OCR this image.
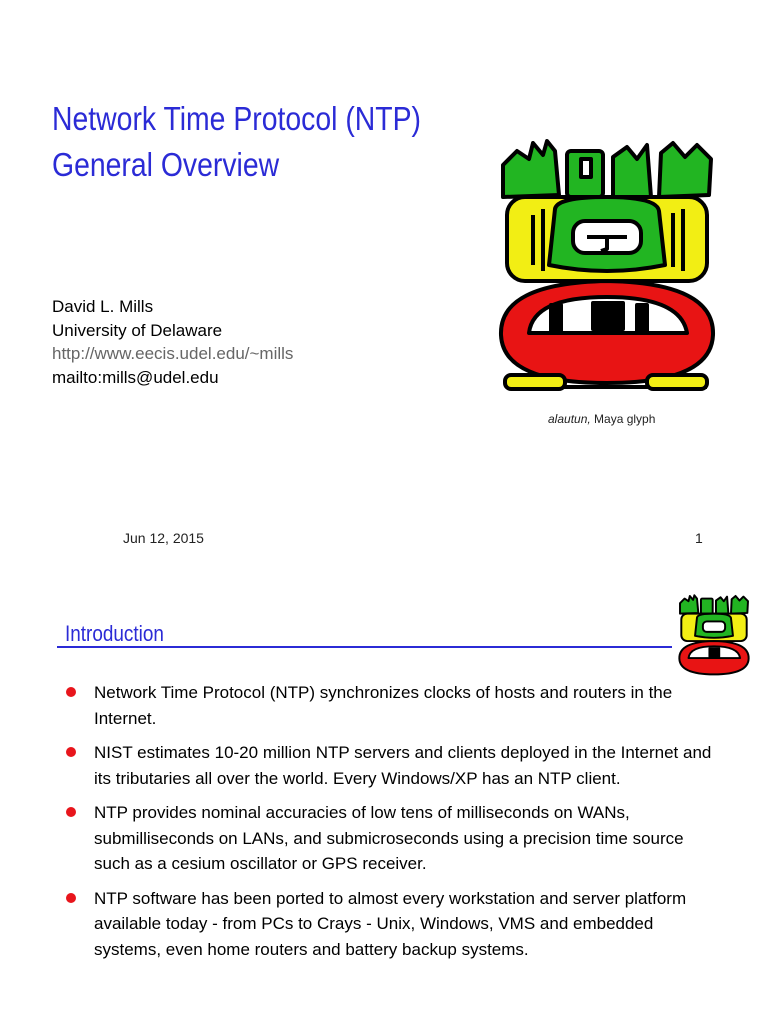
Network Time Protocol (NTP)
General Overview
David L. Mills
University of Delaware
http://www.eecis.udel.edu/~mills
mailto:mills@udel.edu
alautun, Maya glyph
Jun 12, 2015	1
Introduction
Network Time Protocol (NTP) synchronizes clocks of hosts and routers in the Internet.
NIST estimates 10-20 million NTP servers and clients deployed in the Internet and its tributaries all over the world. Every Windows/XP has an NTP client.
NTP provides nominal accuracies of low tens of milliseconds on WANs, submilliseconds on LANs, and submicroseconds using a precision time source such as a cesium oscillator or GPS receiver.
NTP software has been ported to almost every workstation and server platform available today - from PCs to Crays - Unix, Windows, VMS and embedded systems, even home routers and battery backup systems.
